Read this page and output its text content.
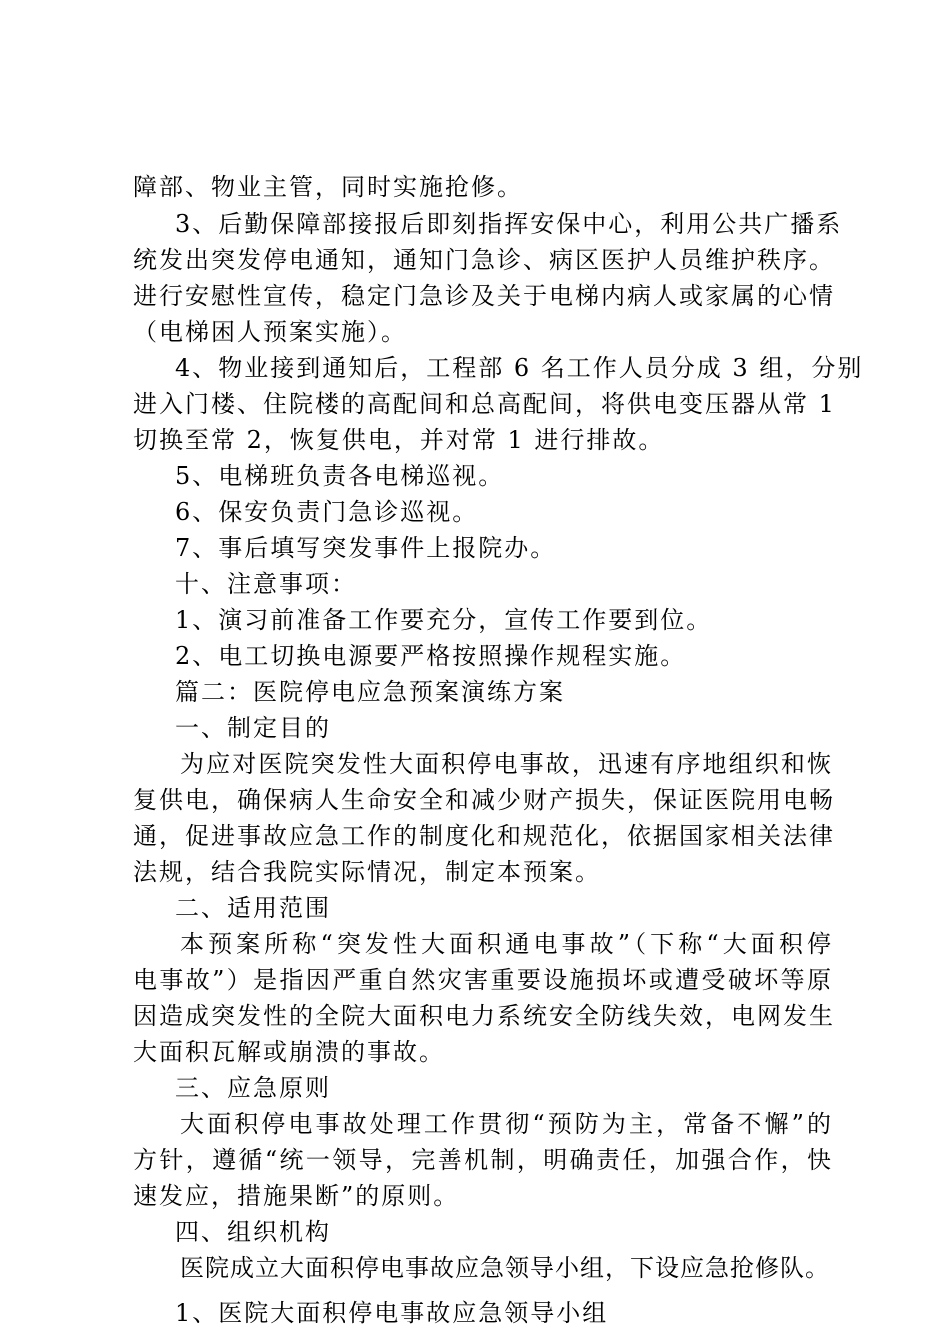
障部、物业主管，同时实施抢修。
3、后勤保障部接报后即刻指挥安保中心，利用公共广播系
统发出突发停电通知，通知门急诊、病区医护人员维护秩序。
进行安慰性宣传，稳定门急诊及关于电梯内病人或家属的心情
（电梯困人预案实施）。
4、物业接到通知后，工程部 6 名工作人员分成 3 组，分别
进入门楼、住院楼的高配间和总高配间，将供电变压器从常 1
切换至常 2，恢复供电，并对常 1 进行排故。
5、电梯班负责各电梯巡视。
6、保安负责门急诊巡视。
7、事后填写突发事件上报院办。
十、注意事项：
1、演习前准备工作要充分，宣传工作要到位。
2、电工切换电源要严格按照操作规程实施。
篇二：医院停电应急预案演练方案
一、制定目的
为应对医院突发性大面积停电事故，迅速有序地组织和恢
复供电，确保病人生命安全和减少财产损失，保证医院用电畅
通，促进事故应急工作的制度化和规范化，依据国家相关法律
法规，结合我院实际情况，制定本预案。
二、适用范围
本预案所称“突发性大面积通电事故”（下称“大面积停
电事故”）是指因严重自然灾害重要设施损坏或遭受破坏等原
因造成突发性的全院大面积电力系统安全防线失效，电网发生
大面积瓦解或崩溃的事故。
三、应急原则
大面积停电事故处理工作贯彻“预防为主，常备不懈”的
方针，遵循“统一领导，完善机制，明确责任，加强合作，快
速发应，措施果断”的原则。
四、组织机构
医院成立大面积停电事故应急领导小组，下设应急抢修队。
1、医院大面积停电事故应急领导小组
